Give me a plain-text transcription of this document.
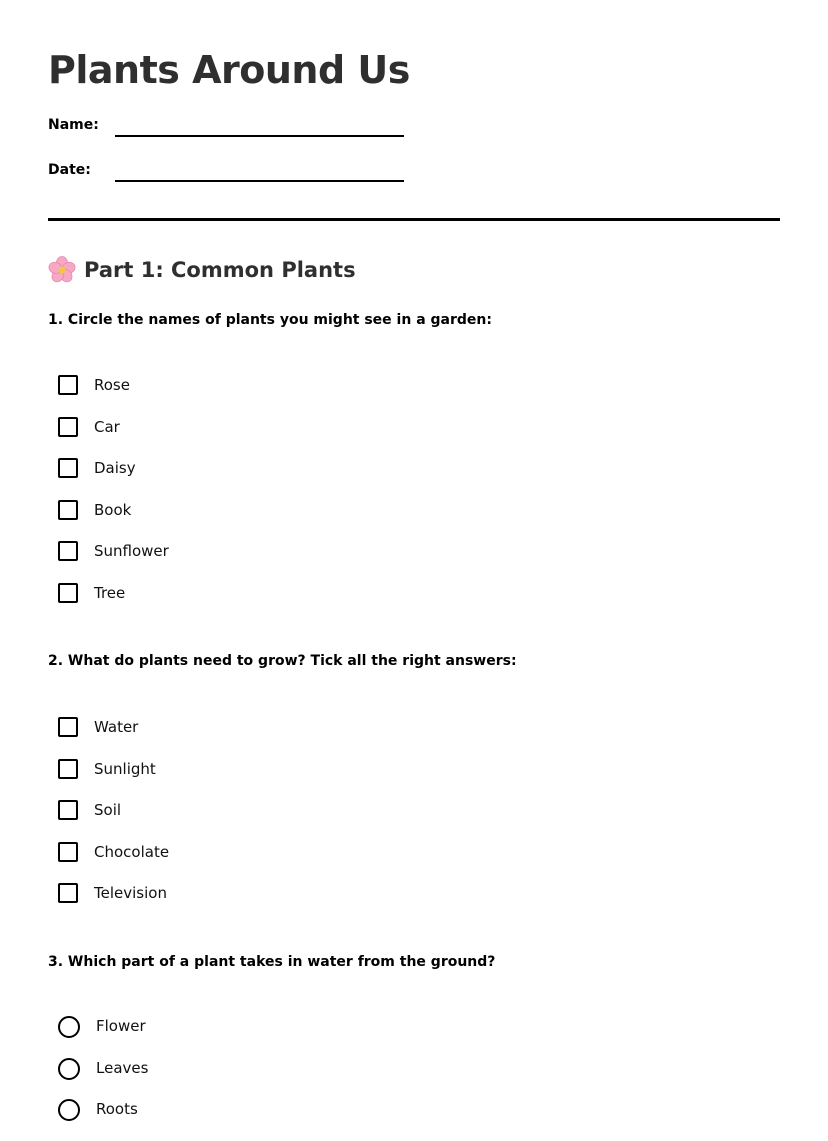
Plants Around Us
Name:
Date:
Part 1: Common Plants
1. Circle the names of plants you might see in a garden:
Rose
Car
Daisy
Book
Sunflower
Tree
2. What do plants need to grow? Tick all the right answers:
Water
Sunlight
Soil
Chocolate
Television
3. Which part of a plant takes in water from the ground?
Flower
Leaves
Roots
